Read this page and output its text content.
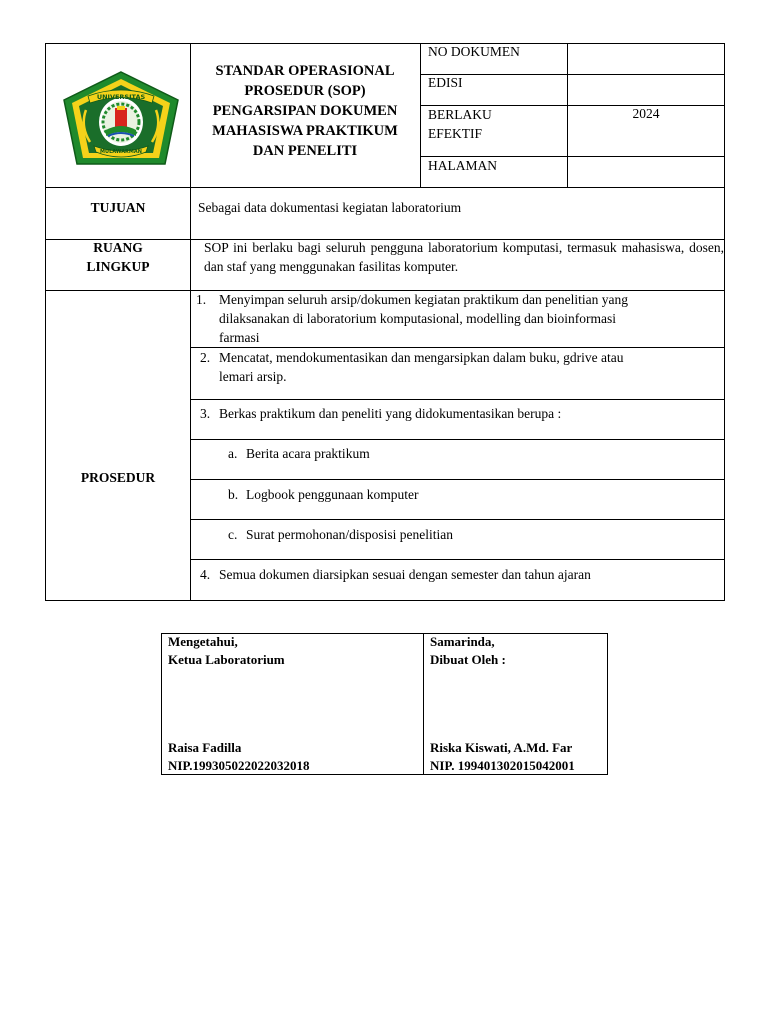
UNIVERSITAS
MULAWARMAN
STANDAR OPERASIONAL
PROSEDUR (SOP)
PENGARSIPAN DOKUMEN
MAHASISWA PRAKTIKUM
DAN PENELITI
NO DOKUMEN
EDISI
BERLAKU
EFEKTIF
2024
HALAMAN
TUJUAN	Sebagai data dokumentasi kegiatan laboratorium
RUANG
LINGKUP
SOP ini berlaku bagi seluruh pengguna laboratorium komputasi, termasuk mahasiswa, dosen, dan staf yang menggunakan fasilitas komputer.
PROSEDUR
1. Menyimpan seluruh arsip/dokumen kegiatan praktikum dan penelitian yang
dilaksanakan di laboratorium komputasional, modelling dan bioinformasi
farmasi
2. Mencatat, mendokumentasikan dan mengarsipkan dalam buku, gdrive atau
lemari arsip.
3. Berkas praktikum dan peneliti yang didokumentasikan berupa :
a. Berita acara praktikum
b. Logbook penggunaan komputer
c. Surat permohonan/disposisi penelitian
4. Semua dokumen diarsipkan sesuai dengan semester dan tahun ajaran
Mengetahui,
Ketua Laboratorium
Raisa Fadilla
NIP.199305022022032018
Samarinda,
Dibuat Oleh :
Riska Kiswati, A.Md. Far
NIP. 199401302015042001
